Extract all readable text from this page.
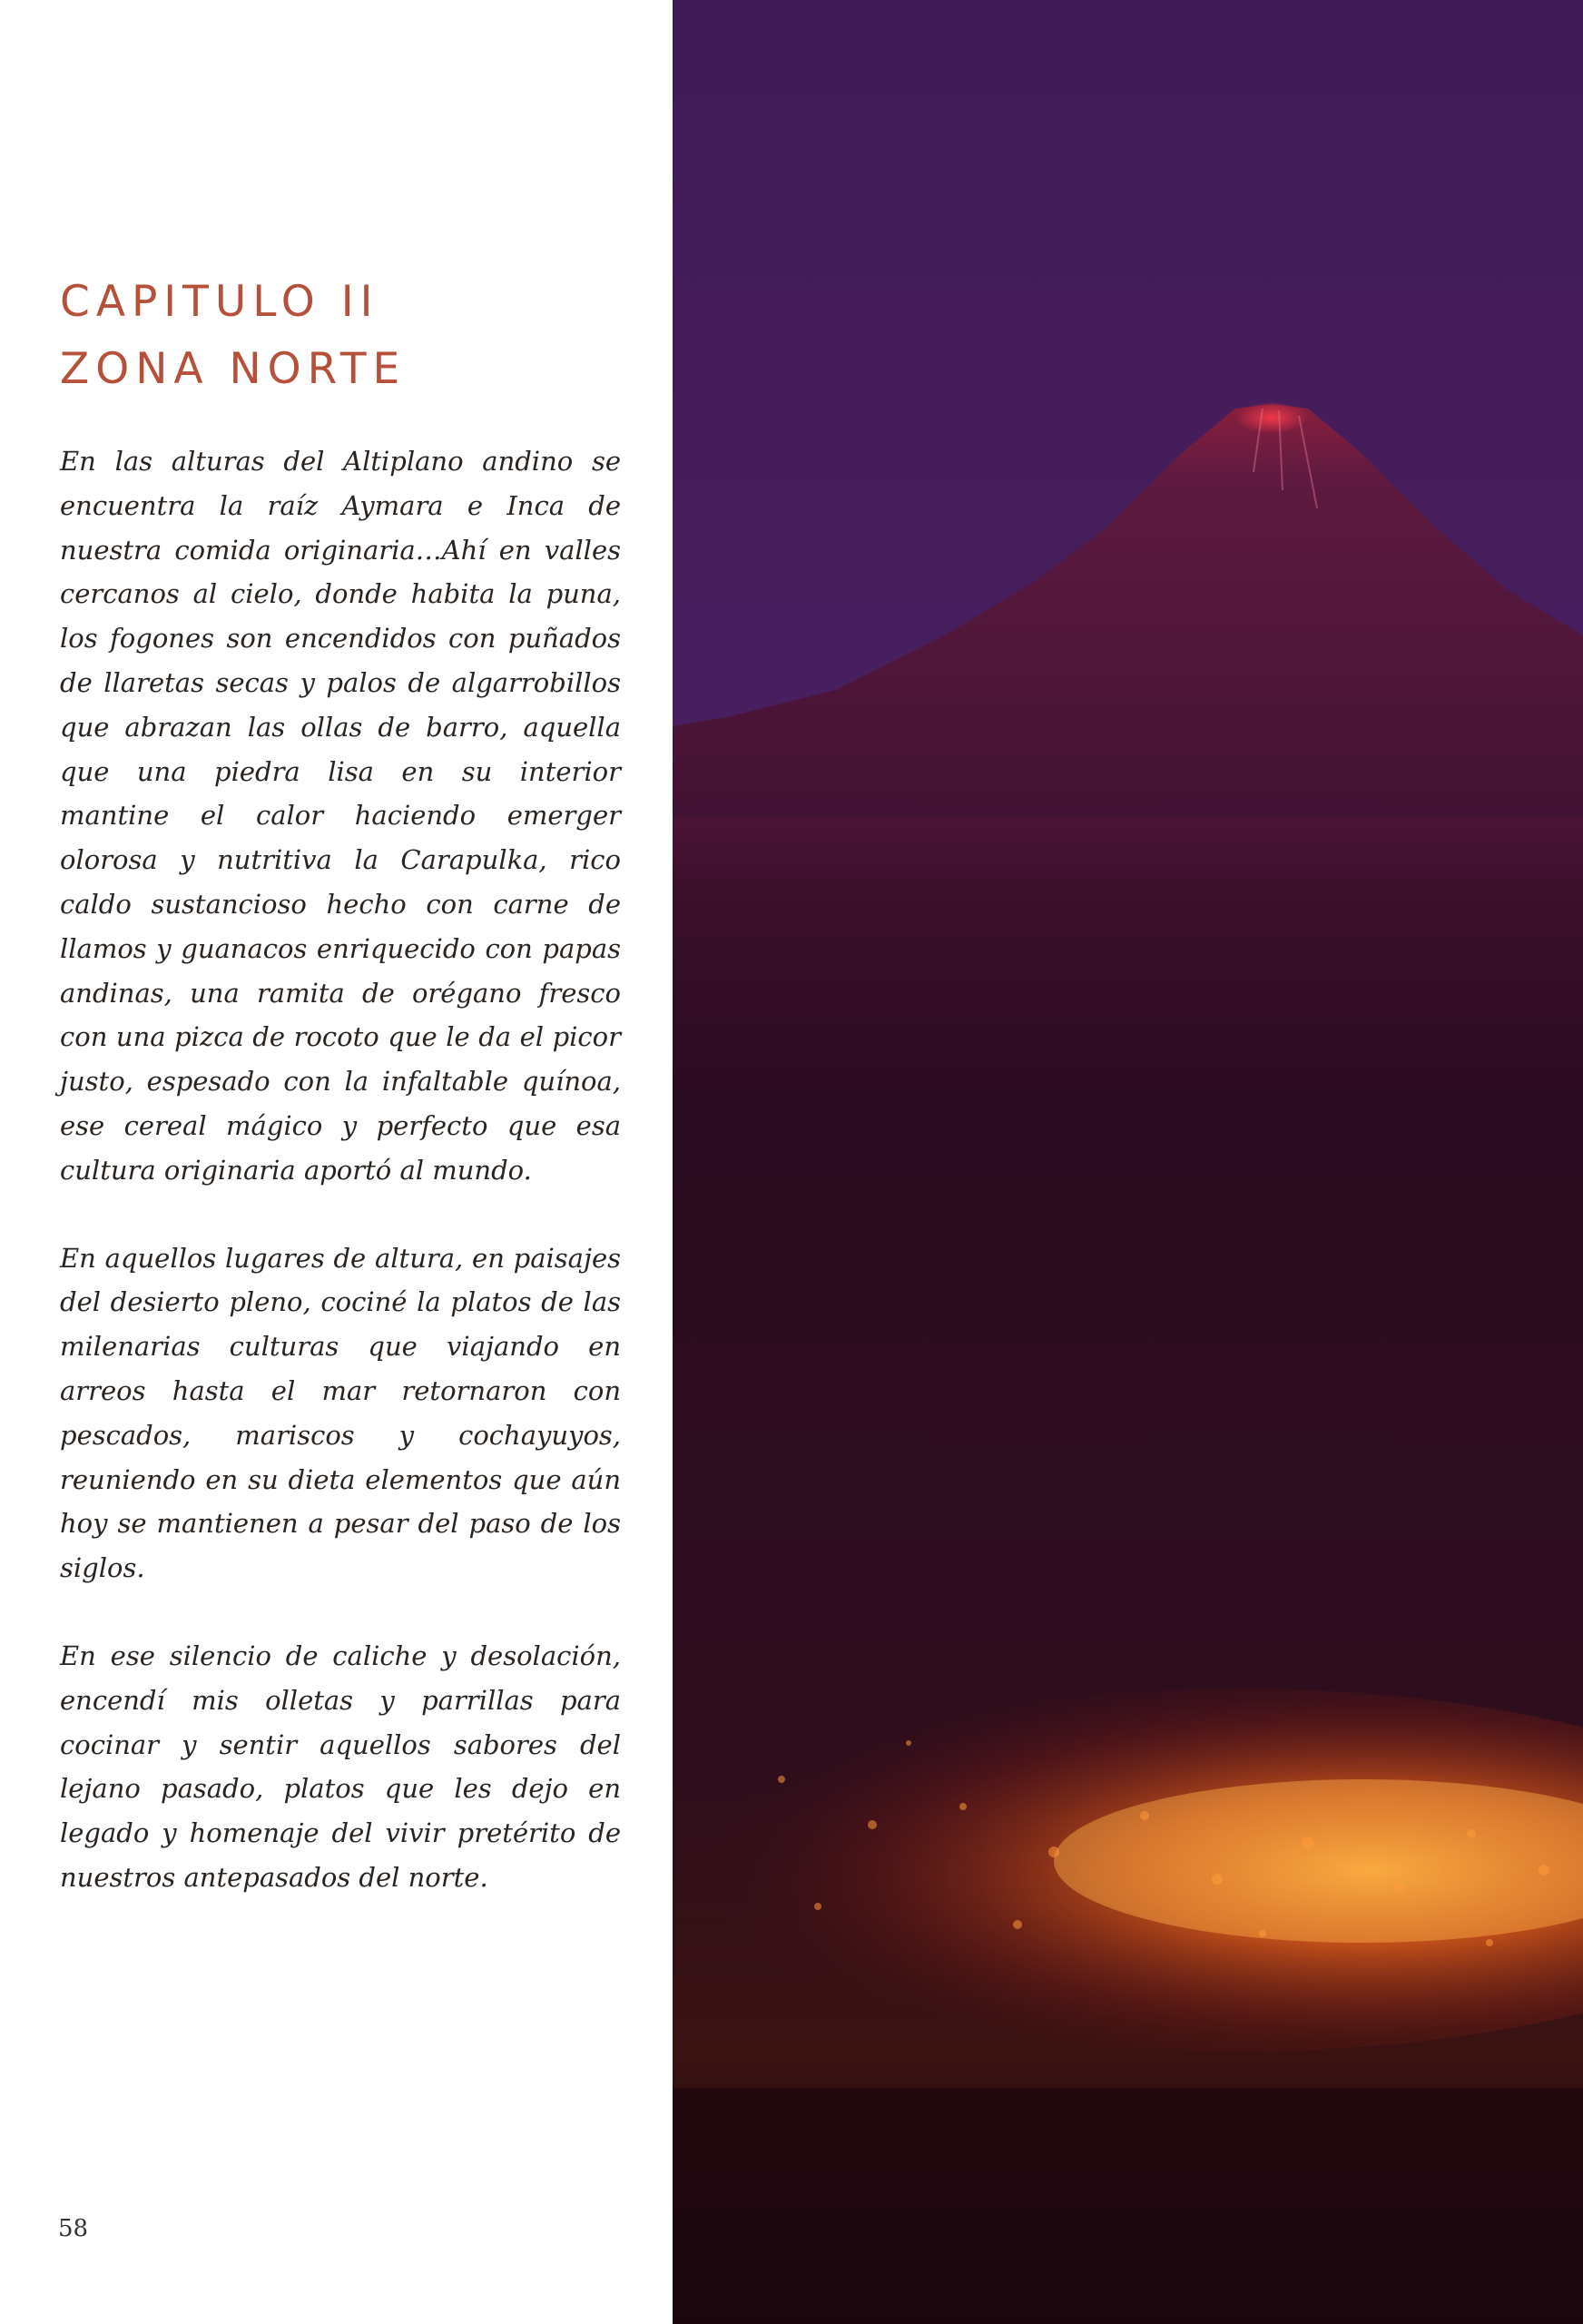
CAPITULO II
ZONA NORTE

En las alturas del Altiplano andino se encuentra la raíz Aymara e Inca de nuestra comida originaria…Ahí en valles cercanos al cielo, donde habita la puna, los fogones son encendidos con puñados de llaretas secas y palos de algarrobillos que abrazan las ollas de barro, aquella que una piedra lisa en su interior mantine el calor haciendo emerger olorosa y nutritiva la Carapulka, rico caldo sustancioso hecho con carne de llamos y guanacos enriquecido con papas andinas, una ramita de orégano fresco con una pizca de rocoto que le da el picor justo, espesado con la infaltable quínoa, ese cereal mágico y perfecto que esa cultura originaria aportó al mundo.

En aquellos lugares de altura, en paisajes del desierto pleno, cociné la platos de las milenarias culturas que viajando en arreos hasta el mar retornaron con pescados, mariscos y cochayuyos, reuniendo en su dieta elementos que aún hoy se mantienen a pesar del paso de los siglos.

En ese silencio de caliche y desolación, encendí mis olletas y parrillas para cocinar y sentir aquellos sabores del lejano pasado, platos que les dejo en legado y homenaje del vivir pretérito de nuestros antepasados del norte.

58
